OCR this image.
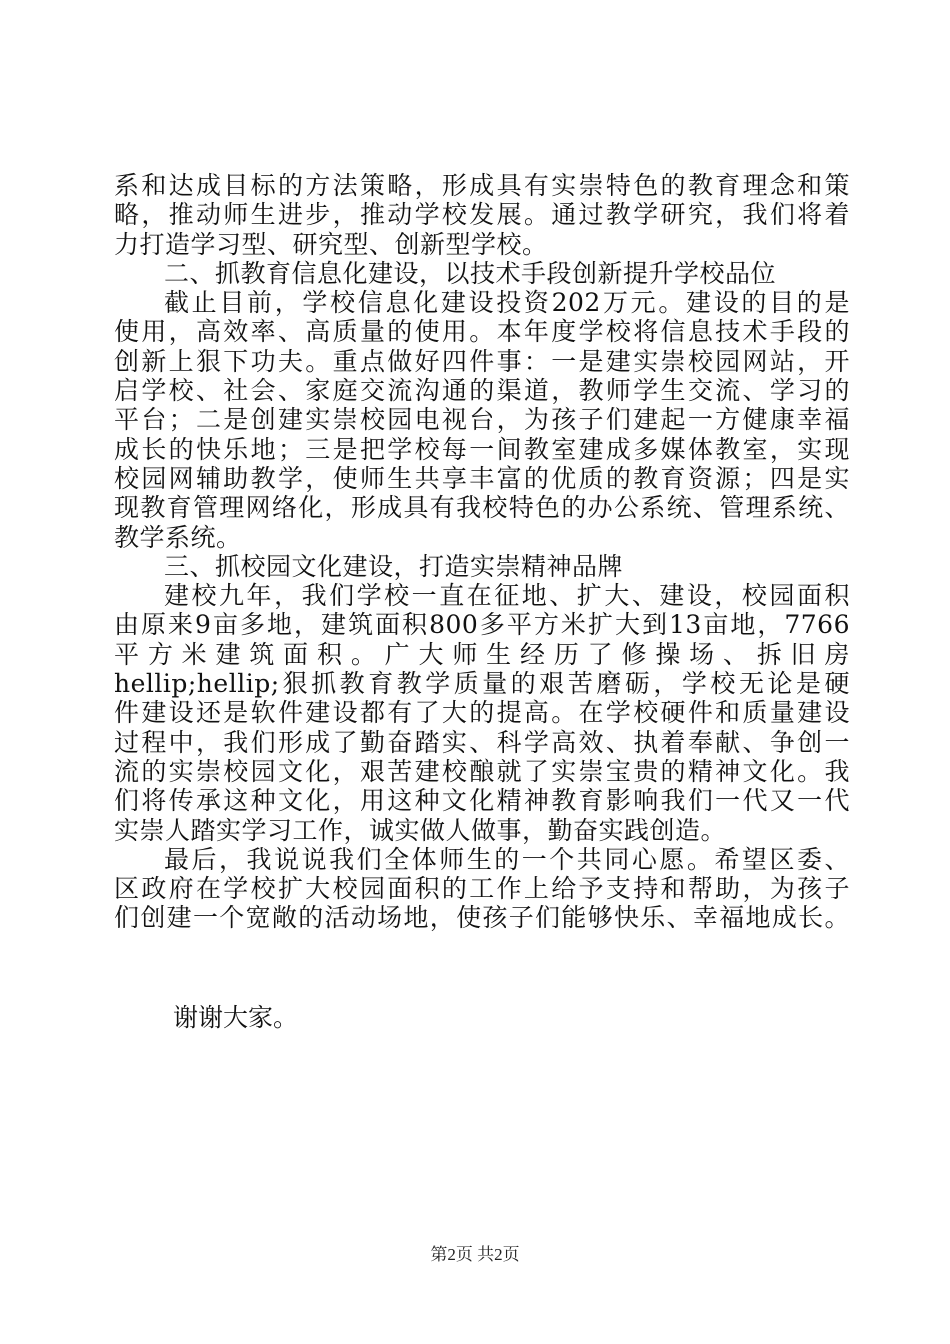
系和达成目标的方法策略，形成具有实崇特色的教育理念和策
略，推动师生进步，推动学校发展。通过教学研究，我们将着
力打造学习型、研究型、创新型学校。
二、抓教育信息化建设，以技术手段创新提升学校品位
截止目前，学校信息化建设投资202万元。建设的目的是
使用，高效率、高质量的使用。本年度学校将信息技术手段的
创新上狠下功夫。重点做好四件事：一是建实崇校园网站，开
启学校、社会、家庭交流沟通的渠道，教师学生交流、学习的
平台；二是创建实崇校园电视台，为孩子们建起一方健康幸福
成长的快乐地；三是把学校每一间教室建成多媒体教室，实现
校园网辅助教学，使师生共享丰富的优质的教育资源；四是实
现教育管理网络化，形成具有我校特色的办公系统、管理系统、
教学系统。
三、抓校园文化建设，打造实崇精神品牌
建校九年，我们学校一直在征地、扩大、建设，校园面积
由原来9亩多地，建筑面积800多平方米扩大到13亩地，7766
平方米建筑面积。广大师生经历了修操场、拆旧房
hellip;hellip;狠抓教育教学质量的艰苦磨砺，学校无论是硬
件建设还是软件建设都有了大的提高。在学校硬件和质量建设
过程中，我们形成了勤奋踏实、科学高效、执着奉献、争创一
流的实崇校园文化，艰苦建校酿就了实崇宝贵的精神文化。我
们将传承这种文化，用这种文化精神教育影响我们一代又一代
实崇人踏实学习工作，诚实做人做事，勤奋实践创造。
最后，我说说我们全体师生的一个共同心愿。希望区委、
区政府在学校扩大校园面积的工作上给予支持和帮助，为孩子
们创建一个宽敞的活动场地，使孩子们能够快乐、幸福地成长。
谢谢大家。
第2页 共2页
